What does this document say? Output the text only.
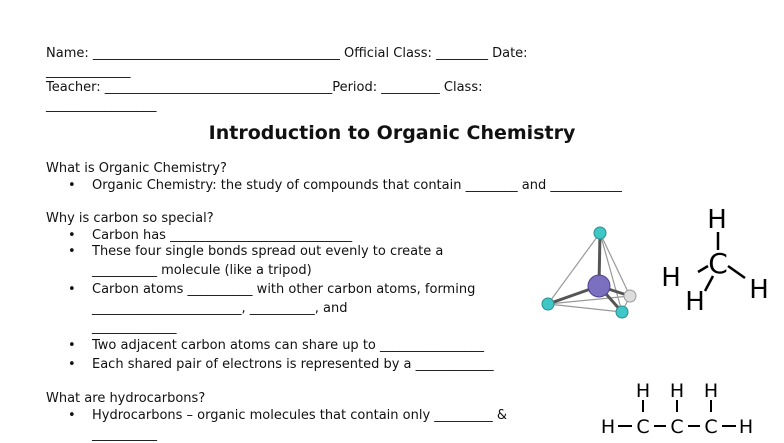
Name: ______________________________________ Official Class: ________ Date:
_____________
Teacher: ___________________________________Period: _________ Class:
_________________
Introduction to Organic Chemistry
What is Organic Chemistry?
•
Organic Chemistry: the study of compounds that contain ________ and ___________
Why is carbon so special?
•
Carbon has ____________________________
•
These four single bonds spread out evenly to create a
__________ molecule (like a tripod)
•
Carbon atoms __________ with other carbon atoms, forming
_______________________, __________, and
_____________
•
Two adjacent carbon atoms can share up to ________________
•
Each shared pair of electrons is represented by a ____________
What are hydrocarbons?
•
Hydrocarbons – organic molecules that contain only _________ &
__________
H
C
H	H
H
H H H
H C C C H
